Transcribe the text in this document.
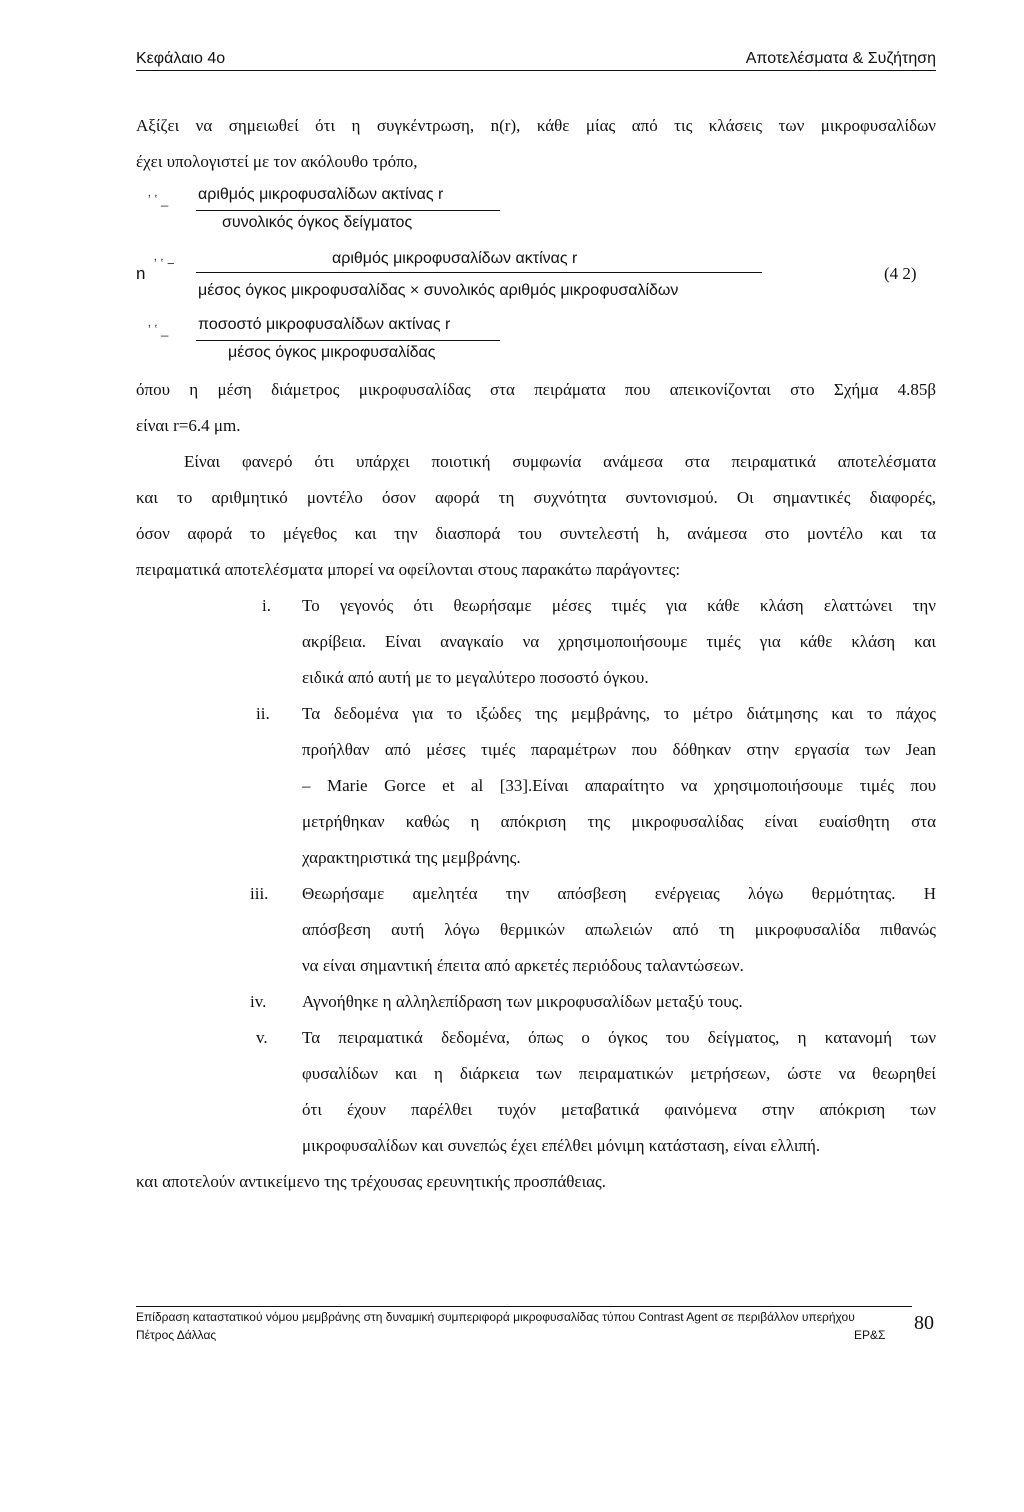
Κεφάλαιο 4ο	Αποτελέσματα & Συζήτηση
Αξίζει να σημειωθεί ότι η συγκέντρωση, n(r), κάθε μίας από τις κλάσεις των μικροφυσαλίδων
έχει υπολογιστεί με τον ακόλουθο τρόπο,
ʼ ʽ _ αριθμός μικροφυσαλίδων ακτίνας r
συνολικός όγκος δείγματος
n
ʼ ʽ −	αριθμός μικροφυσαλίδων ακτίνας r
μέσος όγκος μικροφυσαλίδας × συνολικός αριθμός μικροφυσαλίδων
(4 2)
ʼ ʽ _ ποσοστό μικροφυσαλίδων ακτίνας r
μέσος όγκος μικροφυσαλίδας
όπου η μέση διάμετρος μικροφυσαλίδας στα πειράματα που απεικονίζονται στο Σχήμα 4.85β
είναι r=6.4 μm.
Είναι φανερό ότι υπάρχει ποιοτική συμφωνία ανάμεσα στα πειραματικά αποτελέσματα
και το αριθμητικό μοντέλο όσον αφορά τη συχνότητα συντονισμού. Οι σημαντικές διαφορές,
όσον αφορά το μέγεθος και την διασπορά του συντελεστή h, ανάμεσα στο μοντέλο και τα
πειραματικά αποτελέσματα μπορεί να οφείλονται στους παρακάτω παράγοντες:
i. Το γεγονός ότι θεωρήσαμε μέσες τιμές για κάθε κλάση ελαττώνει την
ακρίβεια. Είναι αναγκαίο να χρησιμοποιήσουμε τιμές για κάθε κλάση και
ειδικά από αυτή με το μεγαλύτερο ποσοστό όγκου.
ii. Τα δεδομένα για το ιξώδες της μεμβράνης, το μέτρο διάτμησης και το πάχος
προήλθαν από μέσες τιμές παραμέτρων που δόθηκαν στην εργασία των Jean
– Marie Gorce et al [33].Είναι απαραίτητο να χρησιμοποιήσουμε τιμές που
μετρήθηκαν καθώς η απόκριση της μικροφυσαλίδας είναι ευαίσθητη στα
χαρακτηριστικά της μεμβράνης.
iii. Θεωρήσαμε αμελητέα την απόσβεση ενέργειας λόγω θερμότητας. Η
απόσβεση αυτή λόγω θερμικών απωλειών από τη μικροφυσαλίδα πιθανώς
να είναι σημαντική έπειτα από αρκετές περιόδους ταλαντώσεων.
iv. Αγνοήθηκε η αλληλεπίδραση των μικροφυσαλίδων μεταξύ τους.
v. Τα πειραματικά δεδομένα, όπως ο όγκος του δείγματος, η κατανομή των
φυσαλίδων και η διάρκεια των πειραματικών μετρήσεων, ώστε να θεωρηθεί
ότι έχουν παρέλθει τυχόν μεταβατικά φαινόμενα στην απόκριση των
μικροφυσαλίδων και συνεπώς έχει επέλθει μόνιμη κατάσταση, είναι ελλιπή.
και αποτελούν αντικείμενο της τρέχουσας ερευνητικής προσπάθειας.
Επίδραση καταστατικού νόμου μεμβράνης στη δυναμική συμπεριφορά μικροφυσαλίδας τύπου Contrast Agent σε περιβάλλον υπερήχου
Πέτρος Δάλλας	ΕΡ&Σ
80
